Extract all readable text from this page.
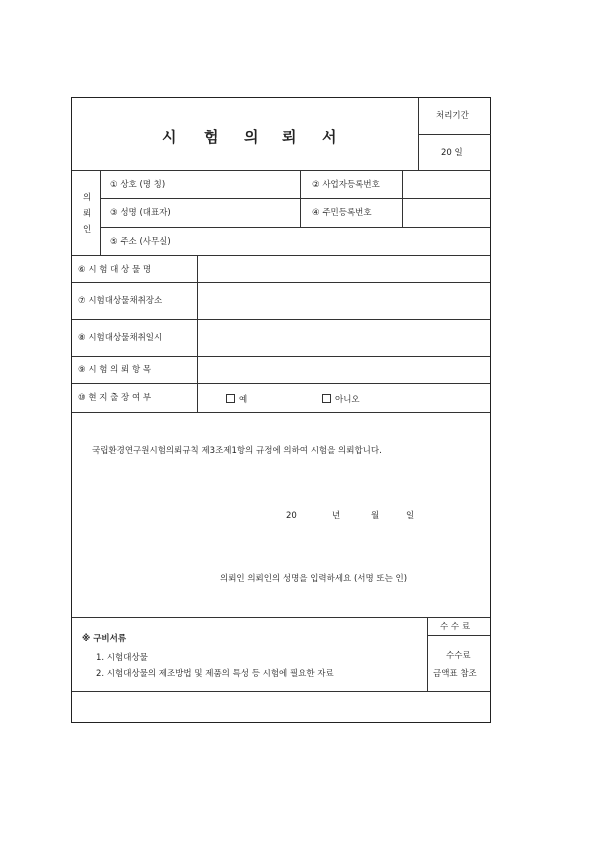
시 험 의 뢰 서
처리기간
20 일
의
뢰
인
① 상호 (명 칭)	② 사업자등록번호
③ 성명 (대표자)	④ 주민등록번호
⑤ 주소 (사무실)
⑥ 시 험 대 상 물 명
⑦ 시험대상물채취장소
⑧ 시험대상물채취일시
⑨ 시 험 의 뢰 항 목
⑩ 현 지 출 장 여 부	예	아니오
국립환경연구원시험의뢰규칙 제3조제1항의 규정에 의하여 시험을 의뢰합니다.
20	년	월	일
의뢰인 의뢰인의 성명을 입력하세요 (서명 또는 인)
※ 구비서류
1. 시험대상물
2. 시험대상물의 제조방법 및 제품의 특성 등 시험에 필요한 자료
수 수 료
수수료
금액표 참조
